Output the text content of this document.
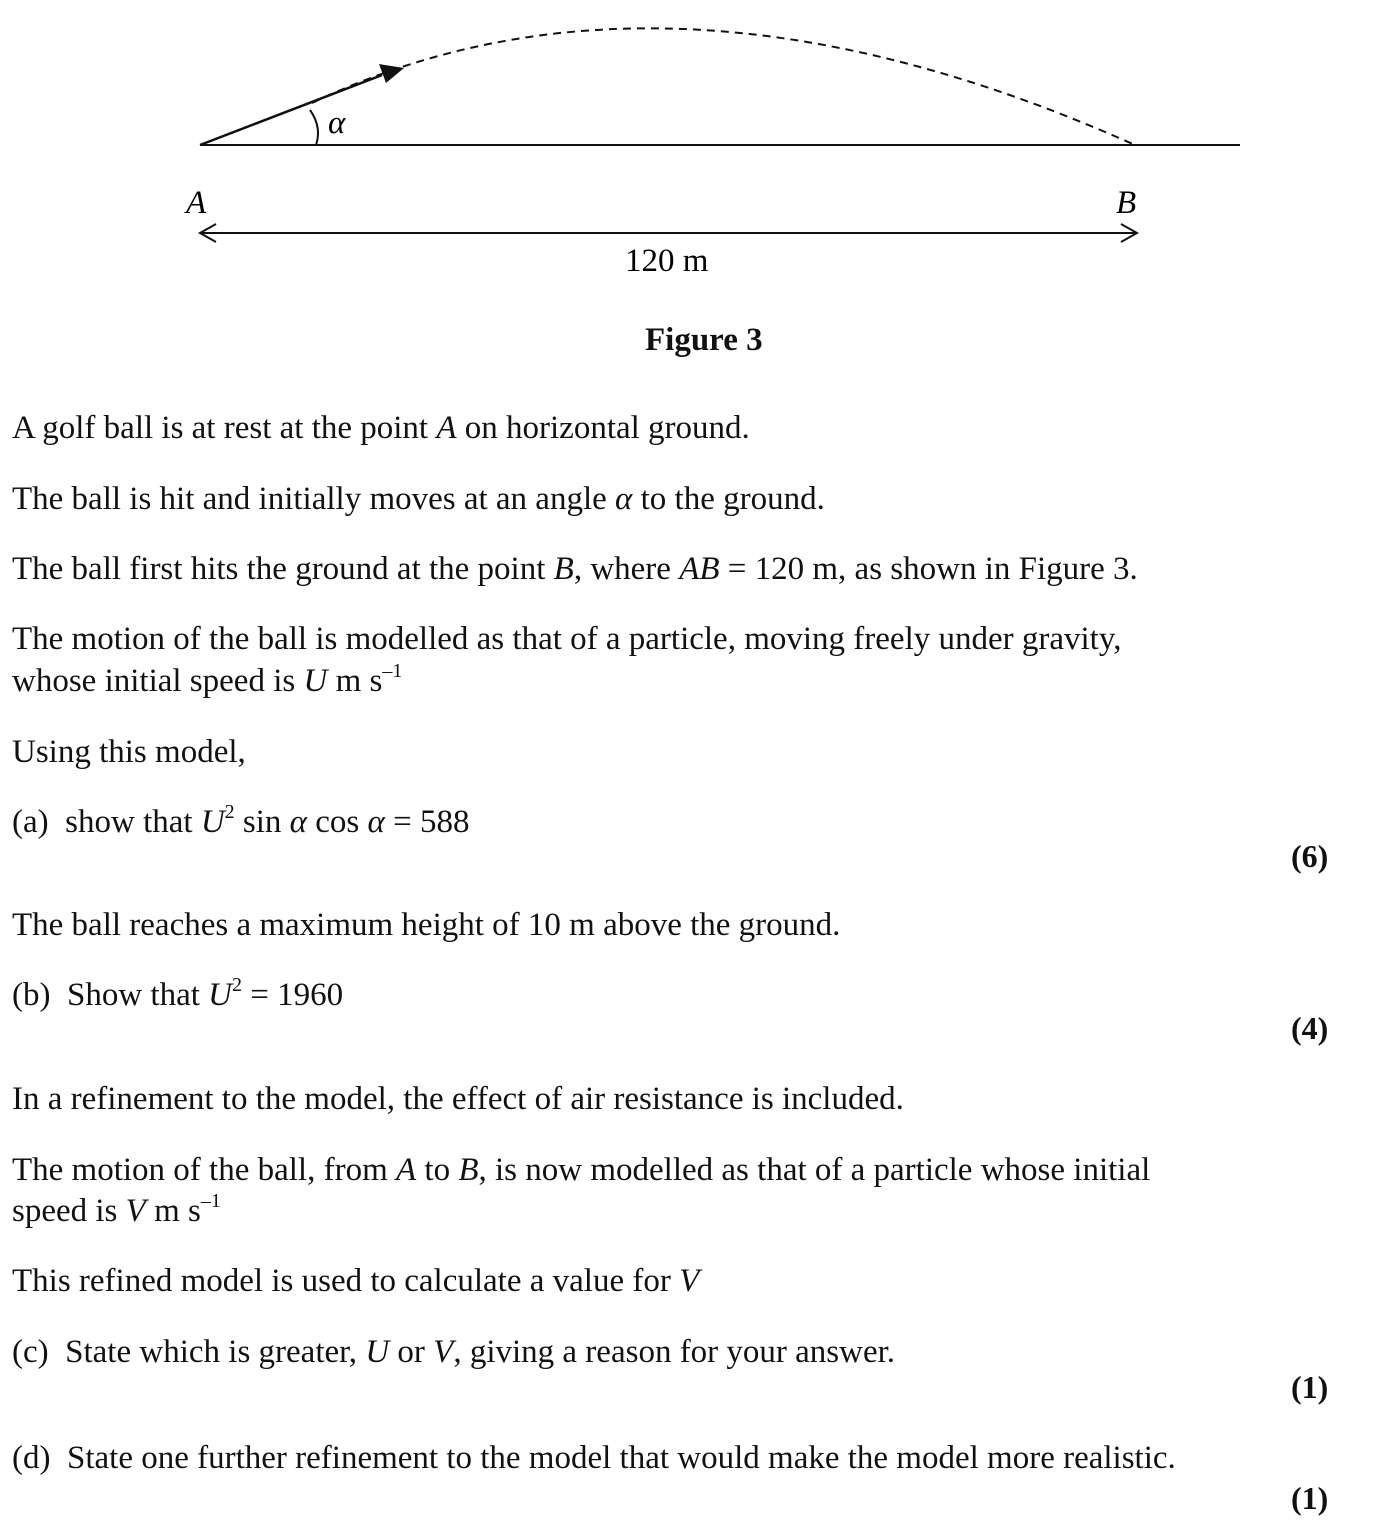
α
A	B
120 m
Figure 3
A golf ball is at rest at the point A on horizontal ground.
The ball is hit and initially moves at an angle α to the ground.
The ball first hits the ground at the point B, where AB = 120 m, as shown in Figure 3.
The motion of the ball is modelled as that of a particle, moving freely under gravity,
whose initial speed is U m $s^{-1}$
Using this model,
(a) show that $U^2$ sin α cos α = 588
(6)
The ball reaches a maximum height of 10 m above the ground.
(b) Show that $U^2 = 1960$
(4)
In a refinement to the model, the effect of air resistance is included.
The motion of the ball, from A to B, is now modelled as that of a particle whose initial
speed is V m $s^{-1}$
This refined model is used to calculate a value for V
(c) State which is greater, U or V, giving a reason for your answer.
(1)
(d) State one further refinement to the model that would make the model more realistic.
(1)
